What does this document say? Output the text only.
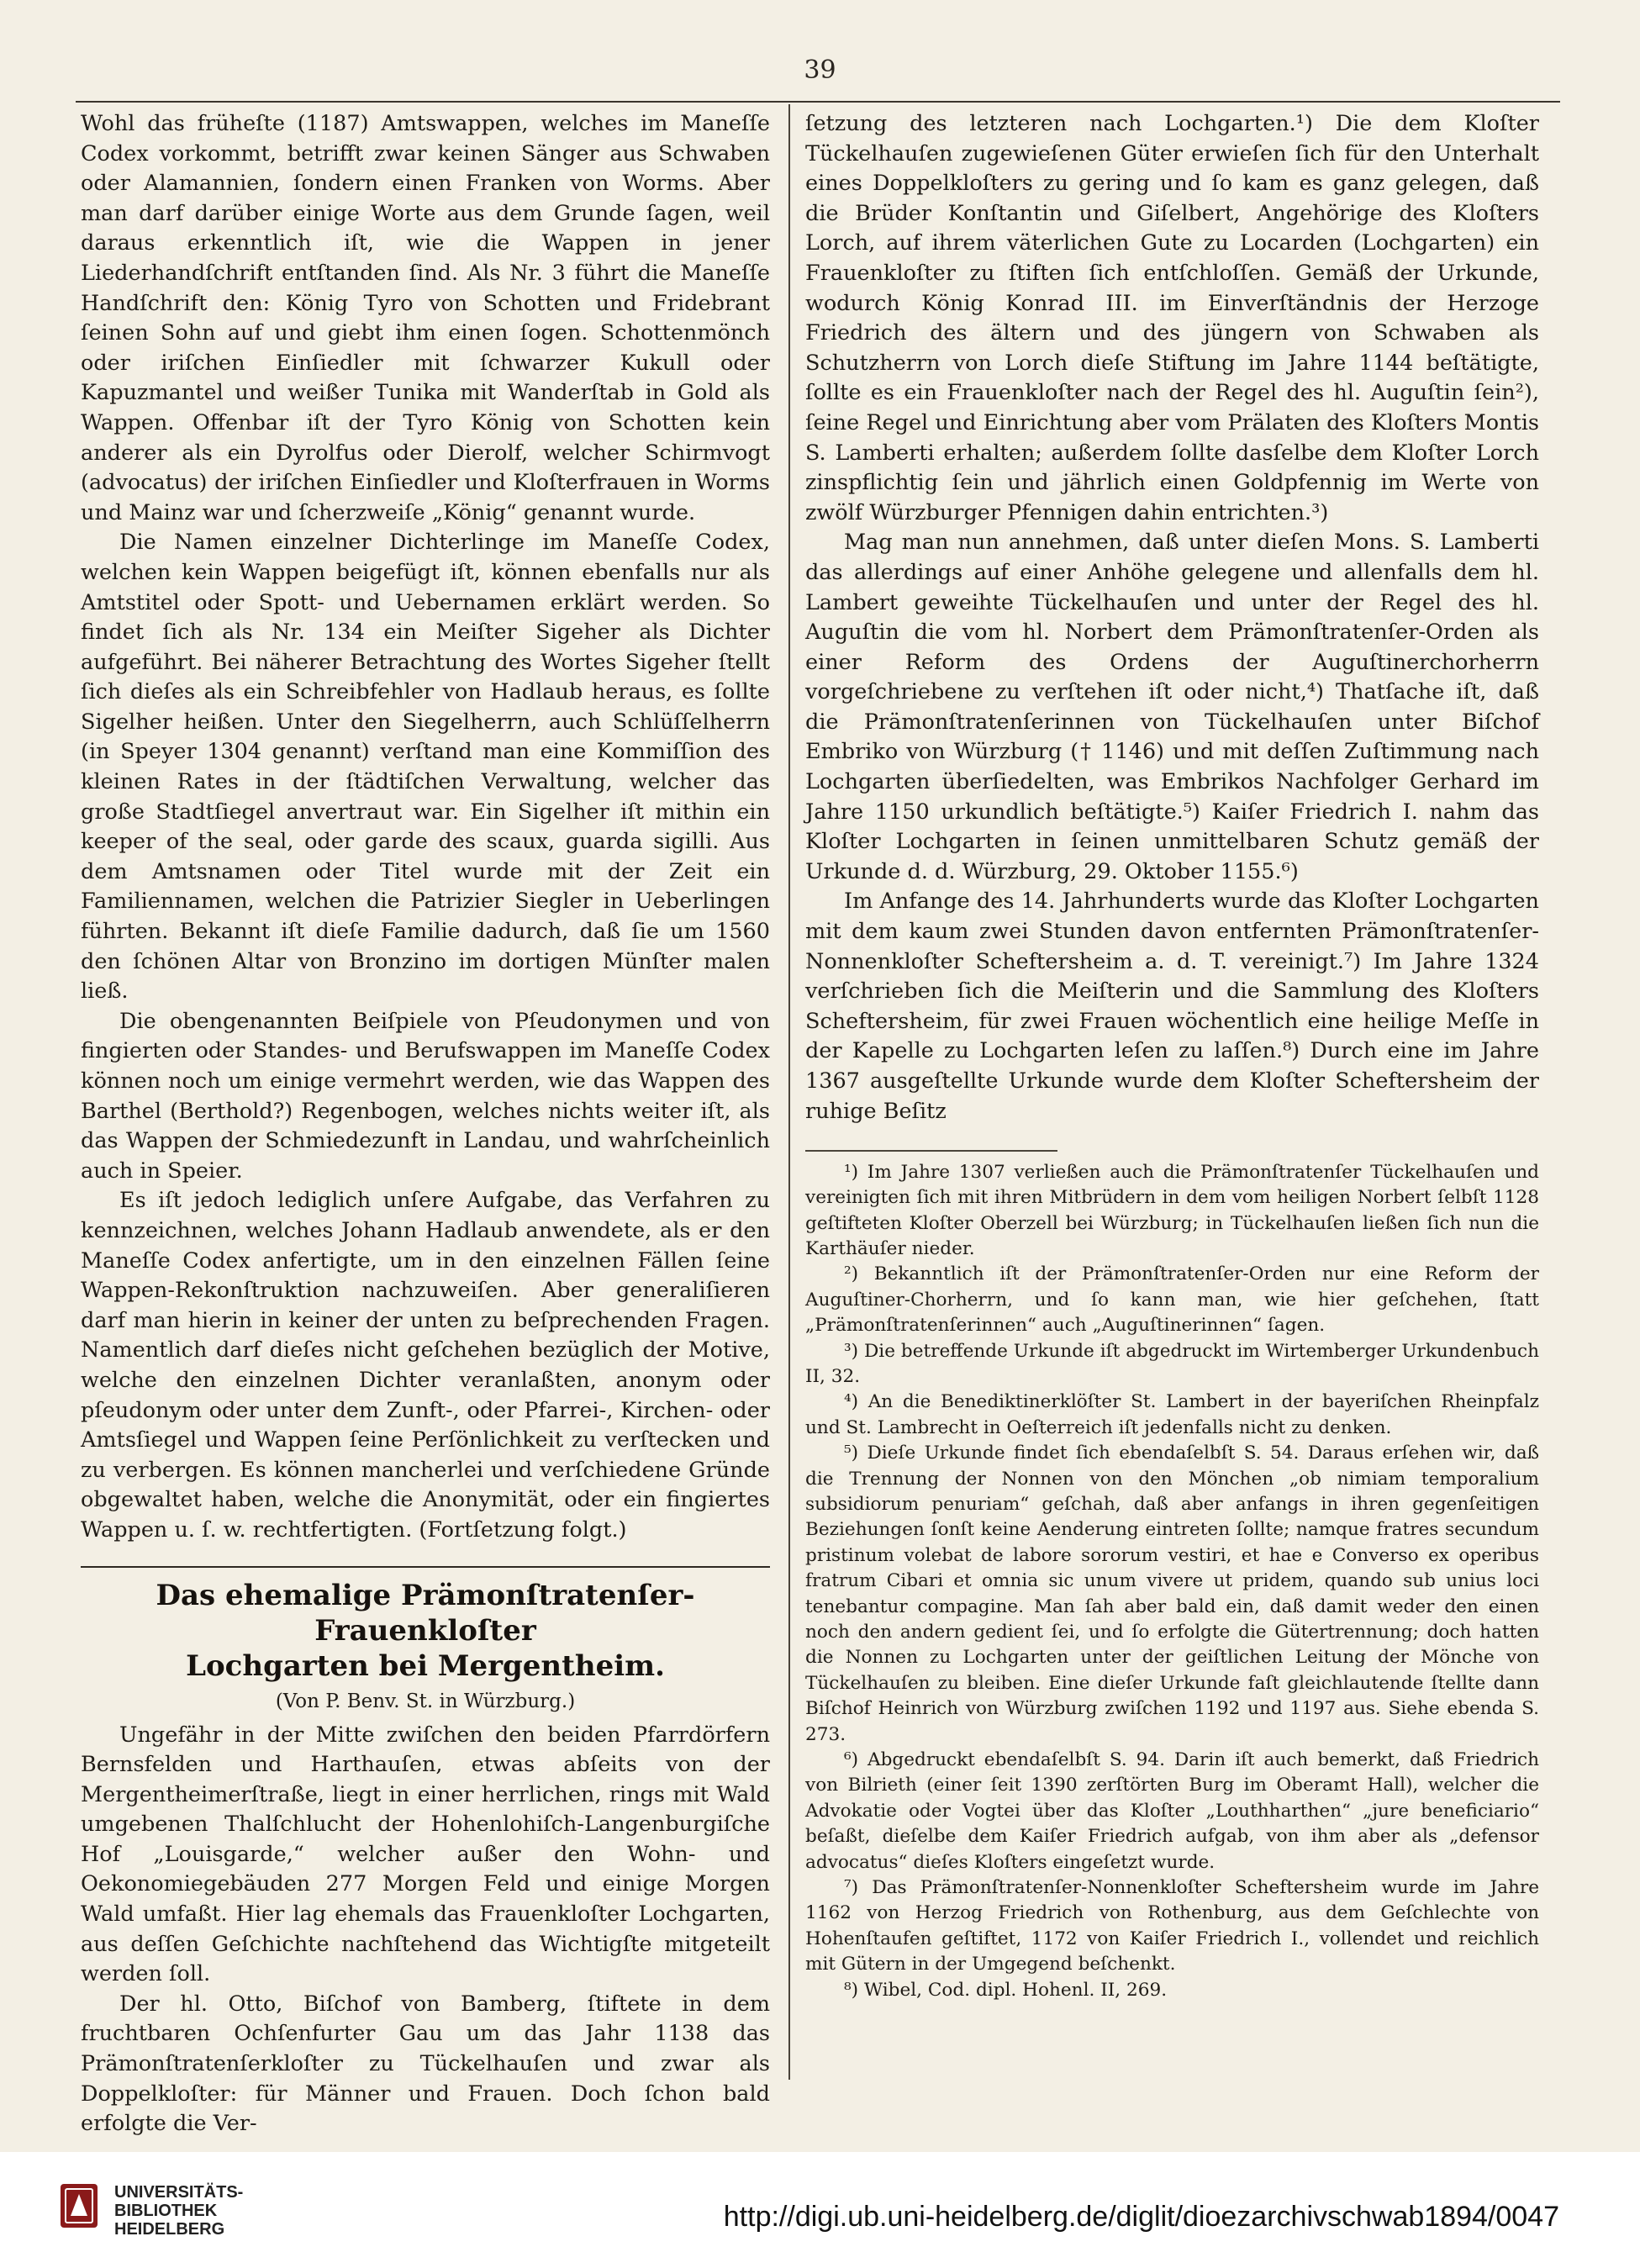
39

Wohl das früheſte (1187) Amtswappen, welches im Maneſſe Codex vorkommt, betrifft zwar keinen Sänger aus Schwaben oder Alamannien, ſondern einen Franken von Worms. Aber man darf darüber einige Worte aus dem Grunde ſagen, weil daraus erkenntlich iſt, wie die Wappen in jener Liederhandſchrift entſtanden ſind. Als Nr. 3 führt die Maneſſe Handſchrift den: König Tyro von Schotten und Fridebrant ſeinen Sohn auf und giebt ihm einen ſogen. Schottenmönch oder iriſchen Einſiedler mit ſchwarzer Kukull oder Kapuzmantel und weißer Tunika mit Wanderſtab in Gold als Wappen. Offenbar iſt der Tyro König von Schotten kein anderer als ein Dyrolfus oder Dierolf, welcher Schirmvogt (advocatus) der iriſchen Einſiedler und Kloſterfrauen in Worms und Mainz war und ſcherzweiſe „König“ genannt wurde.

Die Namen einzelner Dichterlinge im Maneſſe Codex, welchen kein Wappen beigefügt iſt, können ebenfalls nur als Amtstitel oder Spott- und Uebernamen erklärt werden. So findet ſich als Nr. 134 ein Meiſter Sigeher als Dichter aufgeführt. Bei näherer Betrachtung des Wortes Sigeher ſtellt ſich dieſes als ein Schreibfehler von Hadlaub heraus, es ſollte Sigelher heißen. Unter den Siegelherrn, auch Schlüſſelherrn (in Speyer 1304 genannt) verſtand man eine Kommiſſion des kleinen Rates in der ſtädtiſchen Verwaltung, welcher das große Stadtſiegel anvertraut war. Ein Sigelher iſt mithin ein keeper of the seal, oder garde des scaux, guarda sigilli. Aus dem Amtsnamen oder Titel wurde mit der Zeit ein Familiennamen, welchen die Patrizier Siegler in Ueberlingen führten. Bekannt iſt dieſe Familie dadurch, daß ſie um 1560 den ſchönen Altar von Bronzino im dortigen Münſter malen ließ.

Die obengenannten Beiſpiele von Pſeudonymen und von fingierten oder Standes- und Berufswappen im Maneſſe Codex können noch um einige vermehrt werden, wie das Wappen des Barthel (Berthold?) Regenbogen, welches nichts weiter iſt, als das Wappen der Schmiedezunft in Landau, und wahrſcheinlich auch in Speier.

Es iſt jedoch lediglich unſere Aufgabe, das Verfahren zu kennzeichnen, welches Johann Hadlaub anwendete, als er den Maneſſe Codex anfertigte, um in den einzelnen Fällen ſeine Wappen-Rekonſtruktion nachzuweiſen. Aber generaliſieren darf man hierin in keiner der unten zu beſprechenden Fragen. Namentlich darf dieſes nicht geſchehen bezüglich der Motive, welche den einzelnen Dichter veranlaßten, anonym oder pſeudonym oder unter dem Zunft-, oder Pfarrei-, Kirchen- oder Amtsſiegel und Wappen ſeine Perſönlichkeit zu verſtecken und zu verbergen. Es können mancherlei und verſchiedene Gründe obgewaltet haben, welche die Anonymität, oder ein fingiertes Wappen u. ſ. w. rechtfertigten. (Fortſetzung folgt.)

Das ehemalige Prämonſtratenſer-Frauenkloſter
Lochgarten bei Mergentheim.
(Von P. Benv. St. in Würzburg.)

Ungefähr in der Mitte zwiſchen den beiden Pfarrdörfern Bernsfelden und Harthauſen, etwas abſeits von der Mergentheimerſtraße, liegt in einer herrlichen, rings mit Wald umgebenen Thalſchlucht der Hohenlohiſch-Langenburgiſche Hof „Louisgarde,“ welcher außer den Wohn- und Oekonomiegebäuden 277 Morgen Feld und einige Morgen Wald umfaßt. Hier lag ehemals das Frauenkloſter Lochgarten, aus deſſen Geſchichte nachſtehend das Wichtigſte mitgeteilt werden ſoll.

Der hl. Otto, Biſchof von Bamberg, ſtiftete in dem fruchtbaren Ochſenfurter Gau um das Jahr 1138 das Prämonſtratenſerkloſter zu Tückelhauſen und zwar als Doppelkloſter: für Männer und Frauen. Doch ſchon bald erfolgte die Ver-

ſetzung des letzteren nach Lochgarten.¹) Die dem Kloſter Tückelhauſen zugewieſenen Güter erwieſen ſich für den Unterhalt eines Doppelkloſters zu gering und ſo kam es ganz gelegen, daß die Brüder Konſtantin und Giſelbert, Angehörige des Kloſters Lorch, auf ihrem väterlichen Gute zu Locarden (Lochgarten) ein Frauenkloſter zu ſtiften ſich entſchloſſen. Gemäß der Urkunde, wodurch König Konrad III. im Einverſtändnis der Herzoge Friedrich des ältern und des jüngern von Schwaben als Schutzherrn von Lorch dieſe Stiftung im Jahre 1144 beſtätigte, ſollte es ein Frauenkloſter nach der Regel des hl. Auguſtin ſein²), ſeine Regel und Einrichtung aber vom Prälaten des Kloſters Montis S. Lamberti erhalten; außerdem ſollte dasſelbe dem Kloſter Lorch zinspflichtig ſein und jährlich einen Goldpfennig im Werte von zwölf Würzburger Pfennigen dahin entrichten.³)

Mag man nun annehmen, daß unter dieſen Mons. S. Lamberti das allerdings auf einer Anhöhe gelegene und allenfalls dem hl. Lambert geweihte Tückelhauſen und unter der Regel des hl. Auguſtin die vom hl. Norbert dem Prämonſtratenſer-Orden als einer Reform des Ordens der Auguſtinerchorherrn vorgeſchriebene zu verſtehen iſt oder nicht,⁴) Thatſache iſt, daß die Prämonſtratenſerinnen von Tückelhauſen unter Biſchof Embriko von Würzburg († 1146) und mit deſſen Zuſtimmung nach Lochgarten überſiedelten, was Embrikos Nachfolger Gerhard im Jahre 1150 urkundlich beſtätigte.⁵) Kaiſer Friedrich I. nahm das Kloſter Lochgarten in ſeinen unmittelbaren Schutz gemäß der Urkunde d. d. Würzburg, 29. Oktober 1155.⁶)

Im Anfange des 14. Jahrhunderts wurde das Kloſter Lochgarten mit dem kaum zwei Stunden davon entfernten Prämonſtratenſer-Nonnenkloſter Scheftersheim a. d. T. vereinigt.⁷) Im Jahre 1324 verſchrieben ſich die Meiſterin und die Sammlung des Kloſters Scheftersheim, für zwei Frauen wöchentlich eine heilige Meſſe in der Kapelle zu Lochgarten leſen zu laſſen.⁸) Durch eine im Jahre 1367 ausgeſtellte Urkunde wurde dem Kloſter Scheftersheim der ruhige Beſitz

¹) Im Jahre 1307 verließen auch die Prämonſtratenſer Tückelhauſen und vereinigten ſich mit ihren Mitbrüdern in dem vom heiligen Norbert ſelbſt 1128 geſtifteten Kloſter Oberzell bei Würzburg; in Tückelhauſen ließen ſich nun die Karthäuſer nieder.

²) Bekanntlich iſt der Prämonſtratenſer-Orden nur eine Reform der Auguſtiner-Chorherrn, und ſo kann man, wie hier geſchehen, ſtatt „Prämonſtratenſerinnen“ auch „Auguſtinerinnen“ ſagen.

³) Die betreffende Urkunde iſt abgedruckt im Wirtemberger Urkundenbuch II, 32.

⁴) An die Benediktinerklöſter St. Lambert in der bayeriſchen Rheinpfalz und St. Lambrecht in Oeſterreich iſt jedenfalls nicht zu denken.

⁵) Dieſe Urkunde findet ſich ebendaſelbſt S. 54. Daraus erſehen wir, daß die Trennung der Nonnen von den Mönchen „ob nimiam temporalium subsidiorum penuriam“ geſchah, daß aber anfangs in ihren gegenſeitigen Beziehungen ſonſt keine Aenderung eintreten ſollte; namque fratres secundum pristinum volebat de labore sororum vestiri, et hae e Converso ex operibus fratrum Cibari et omnia sic unum vivere ut pridem, quando sub unius loci tenebantur compagine. Man ſah aber bald ein, daß damit weder den einen noch den andern gedient ſei, und ſo erfolgte die Gütertrennung; doch hatten die Nonnen zu Lochgarten unter der geiſtlichen Leitung der Mönche von Tückelhauſen zu bleiben. Eine dieſer Urkunde faſt gleichlautende ſtellte dann Biſchof Heinrich von Würzburg zwiſchen 1192 und 1197 aus. Siehe ebenda S. 273.

⁶) Abgedruckt ebendaſelbſt S. 94. Darin iſt auch bemerkt, daß Friedrich von Bilrieth (einer ſeit 1390 zerſtörten Burg im Oberamt Hall), welcher die Advokatie oder Vogtei über das Kloſter „Louthharthen“ „jure beneficiario“ beſaßt, dieſelbe dem Kaiſer Friedrich aufgab, von ihm aber als „defensor advocatus“ dieſes Kloſters eingeſetzt wurde.

⁷) Das Prämonſtratenſer-Nonnenkloſter Scheftersheim wurde im Jahre 1162 von Herzog Friedrich von Rothenburg, aus dem Geſchlechte von Hohenſtaufen geſtiftet, 1172 von Kaiſer Friedrich I., vollendet und reichlich mit Gütern in der Umgegend beſchenkt.

⁸) Wibel, Cod. dipl. Hohenl. II, 269.

UNIVERSITÄTS-
BIBLIOTHEK
HEIDELBERG	http://digi.ub.uni-heidelberg.de/diglit/dioezarchivschwab1894/0047
